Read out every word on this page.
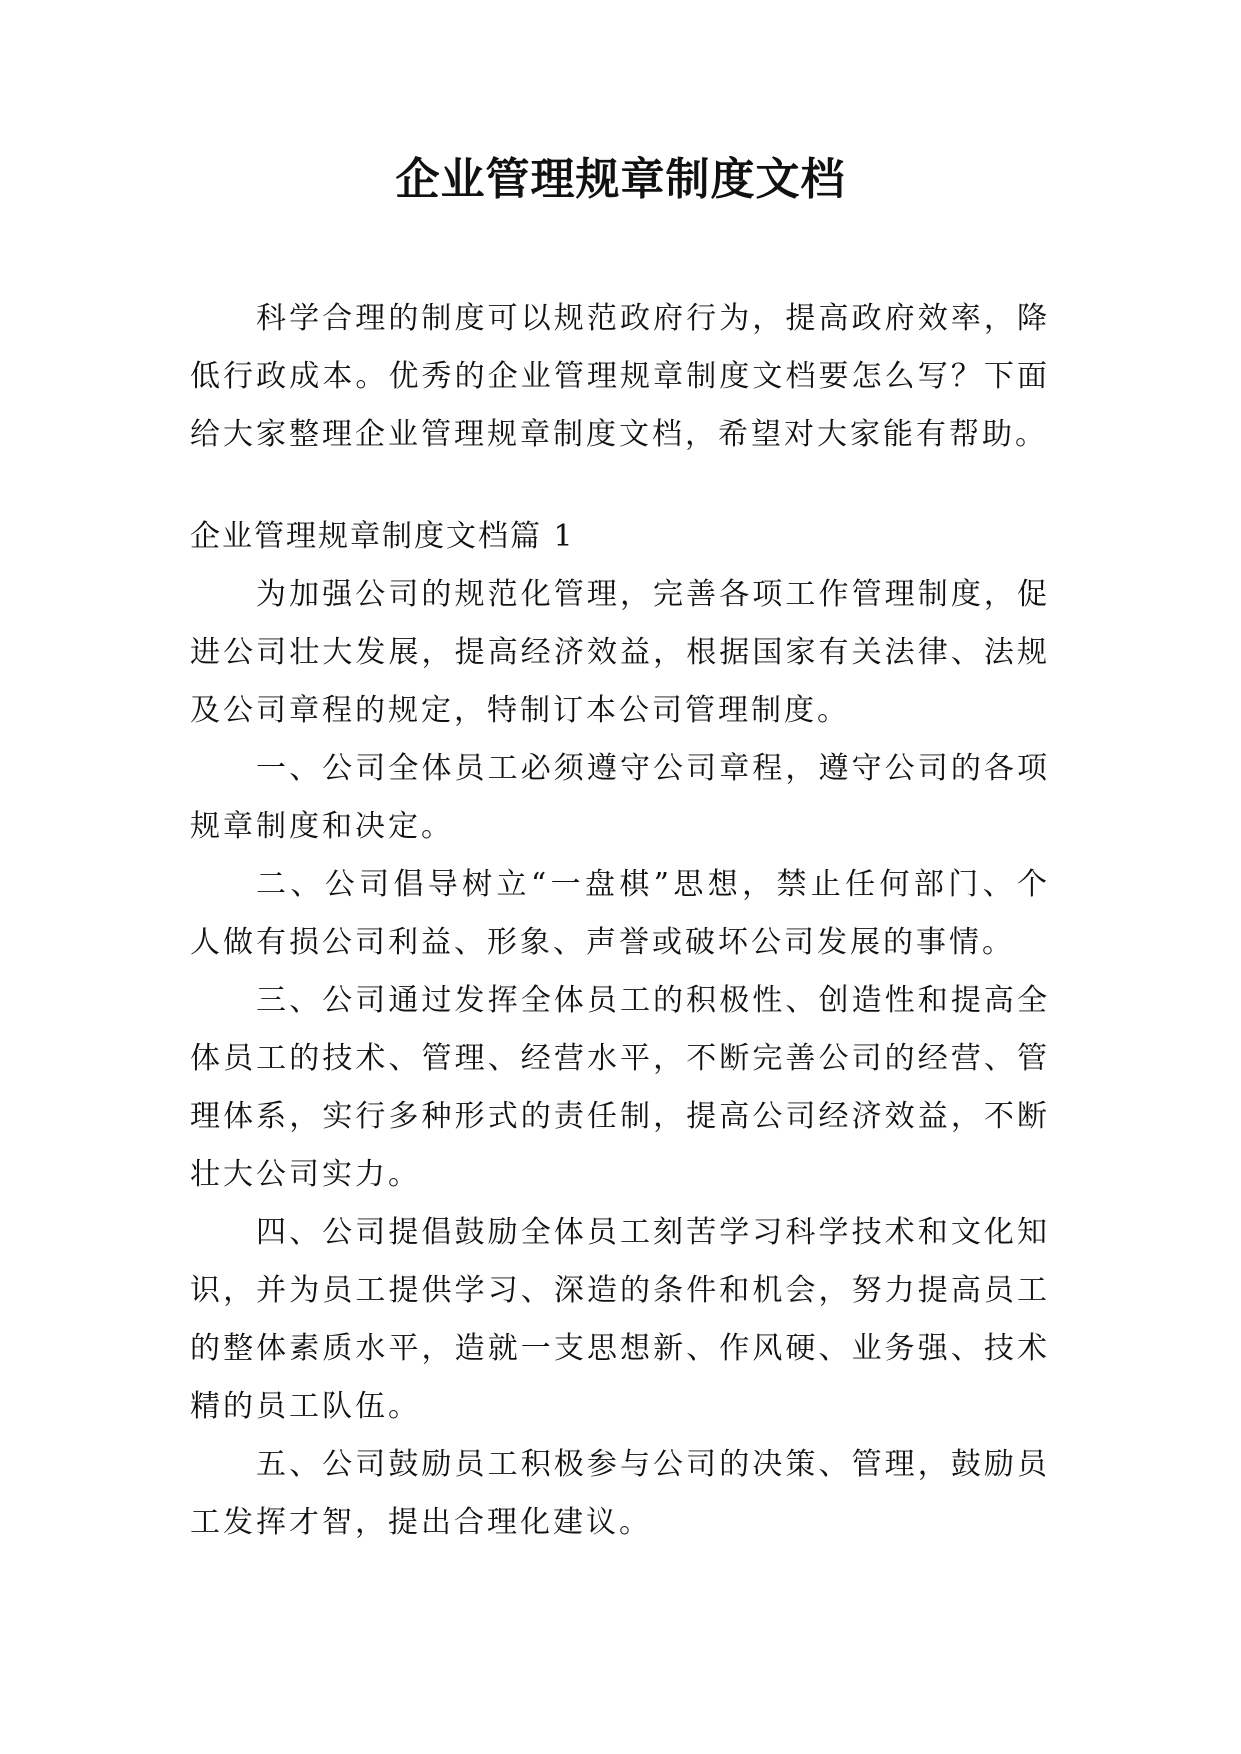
企业管理规章制度文档

科学合理的制度可以规范政府行为，提高政府效率，降低行政成本。优秀的企业管理规章制度文档要怎么写？下面给大家整理企业管理规章制度文档，希望对大家能有帮助。

企业管理规章制度文档篇 1

为加强公司的规范化管理，完善各项工作管理制度，促进公司壮大发展，提高经济效益，根据国家有关法律、法规及公司章程的规定，特制订本公司管理制度。

一、公司全体员工必须遵守公司章程，遵守公司的各项规章制度和决定。

二、公司倡导树立“一盘棋”思想，禁止任何部门、个人做有损公司利益、形象、声誉或破坏公司发展的事情。

三、公司通过发挥全体员工的积极性、创造性和提高全体员工的技术、管理、经营水平，不断完善公司的经营、管理体系，实行多种形式的责任制，提高公司经济效益，不断壮大公司实力。

四、公司提倡鼓励全体员工刻苦学习科学技术和文化知识，并为员工提供学习、深造的条件和机会，努力提高员工的整体素质水平，造就一支思想新、作风硬、业务强、技术精的员工队伍。

五、公司鼓励员工积极参与公司的决策、管理，鼓励员工发挥才智，提出合理化建议。
